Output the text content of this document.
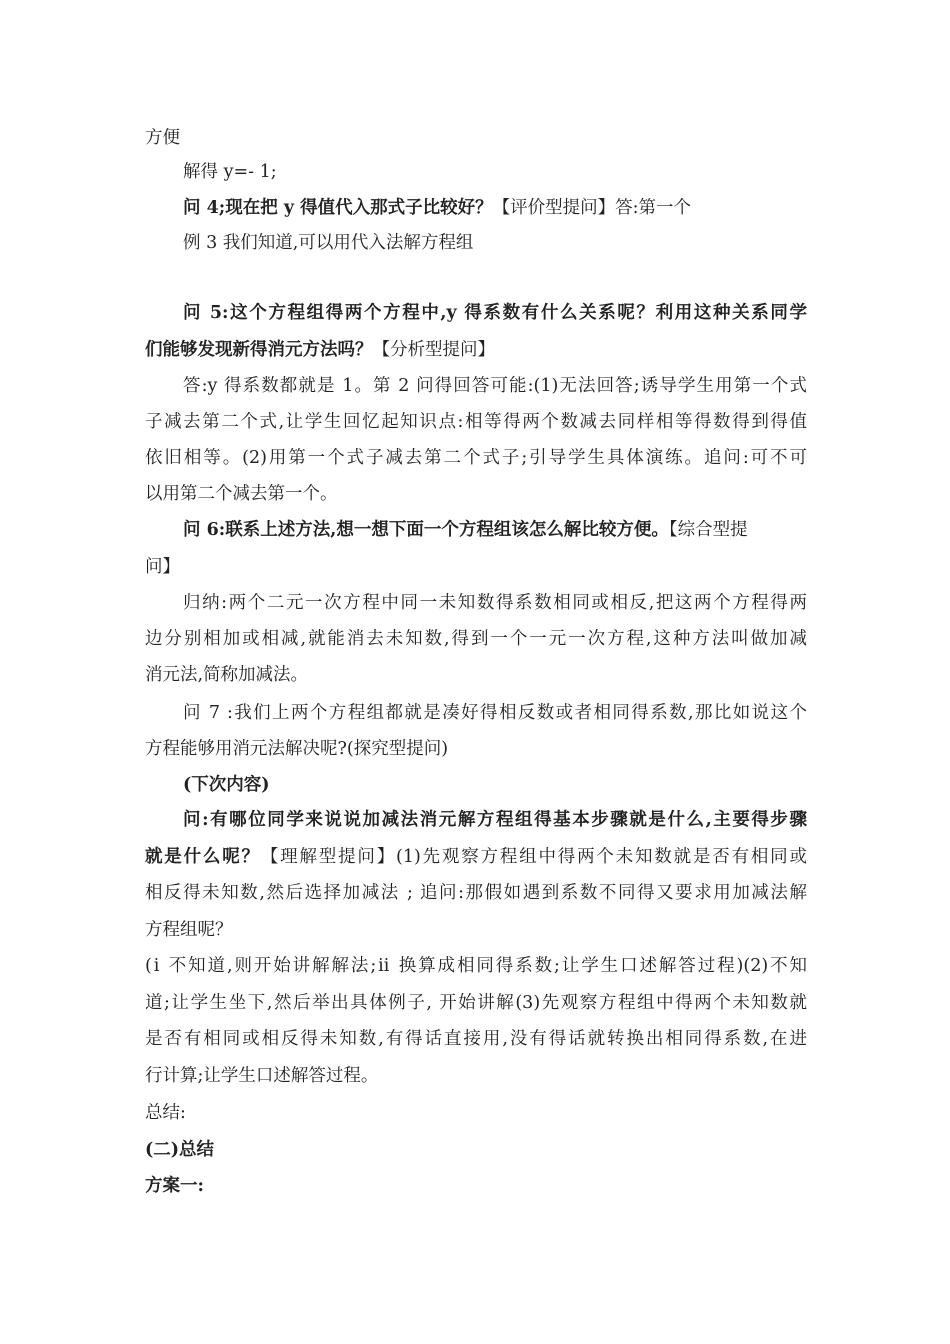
方便
解得 y=- 1;
问 4;现在把 y 得值代入那式子比较好？【评价型提问】答:第一个
例 3 我们知道,可以用代入法解方程组
问 5:这个方程组得两个方程中,y 得系数有什么关系呢？利用这种关系同学
们能够发现新得消元方法吗？【分析型提问】
答:y 得系数都就是 1。第 2 问得回答可能:(1)无法回答;诱导学生用第一个式
子减去第二个式,让学生回忆起知识点:相等得两个数减去同样相等得数得到得值
依旧相等。(2)用第一个式子减去第二个式子;引导学生具体演练。追问:可不可
以用第二个减去第一个。
问 6:联系上述方法,想一想下面一个方程组该怎么解比较方便。【综合型提
问】
归纳:两个二元一次方程中同一未知数得系数相同或相反,把这两个方程得两
边分别相加或相减,就能消去未知数,得到一个一元一次方程,这种方法叫做加减
消元法,简称加减法。
问 7 :我们上两个方程组都就是凑好得相反数或者相同得系数,那比如说这个
方程能够用消元法解决呢?(探究型提问)
(下次内容)
问:有哪位同学来说说加减法消元解方程组得基本步骤就是什么,主要得步骤
就是什么呢？【理解型提问】(1)先观察方程组中得两个未知数就是否有相同或
相反得未知数,然后选择加减法 ; 追问:那假如遇到系数不同得又要求用加减法解
方程组呢？
(ⅰ 不知道,则开始讲解解法;ⅱ 换算成相同得系数;让学生口述解答过程)(2)不知
道;让学生坐下,然后举出具体例子, 开始讲解(3)先观察方程组中得两个未知数就
是否有相同或相反得未知数,有得话直接用,没有得话就转换出相同得系数,在进
行计算;让学生口述解答过程。
总结:
(二)总结
方案一:
